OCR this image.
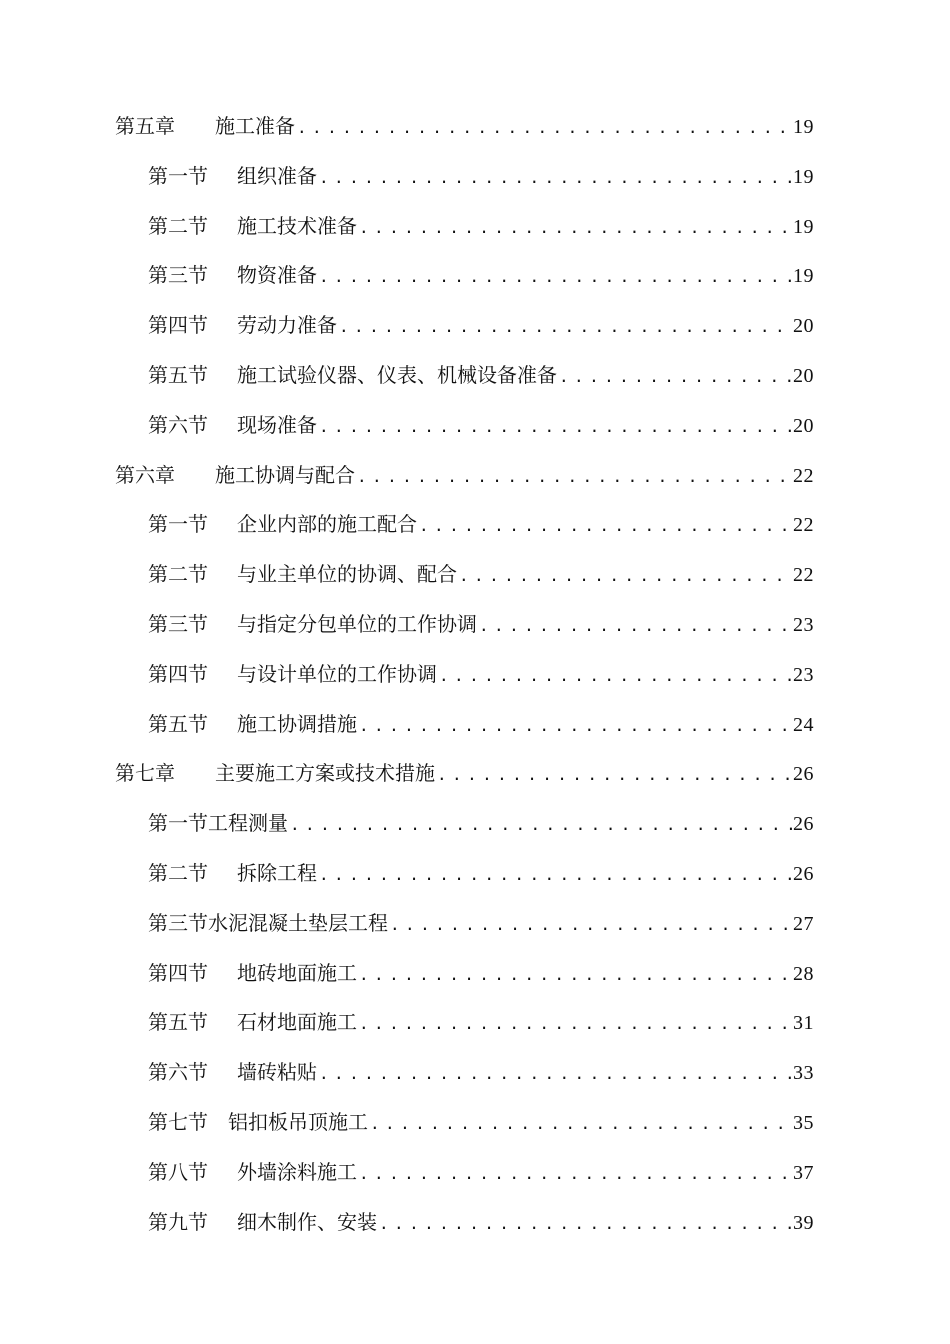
第五章 施工准备 .....	19
第一节 组织准备 .....	19
第二节 施工技术准备 .....	19
第三节 物资准备 .....	19
第四节 劳动力准备 .....	20
第五节 施工试验仪器、仪表、机械设备准备 .....	20
第六节 现场准备 .....	20
第六章 施工协调与配合 .....	22
第一节 企业内部的施工配合 .....	22
第二节 与业主单位的协调、配合 .....	22
第三节 与指定分包单位的工作协调 .....	23
第四节 与设计单位的工作协调 .....	23
第五节 施工协调措施 .....	24
第七章 主要施工方案或技术措施 .....	26
第一节工程测量 .....	26
第二节 拆除工程 .....	26
第三节水泥混凝土垫层工程 .....	27
第四节 地砖地面施工 .....	28
第五节 石材地面施工 .....	31
第六节 墙砖粘贴 .....	33
第七节 铝扣板吊顶施工 .....	35
第八节 外墙涂料施工 .....	37
第九节 细木制作、安装 .....	39
